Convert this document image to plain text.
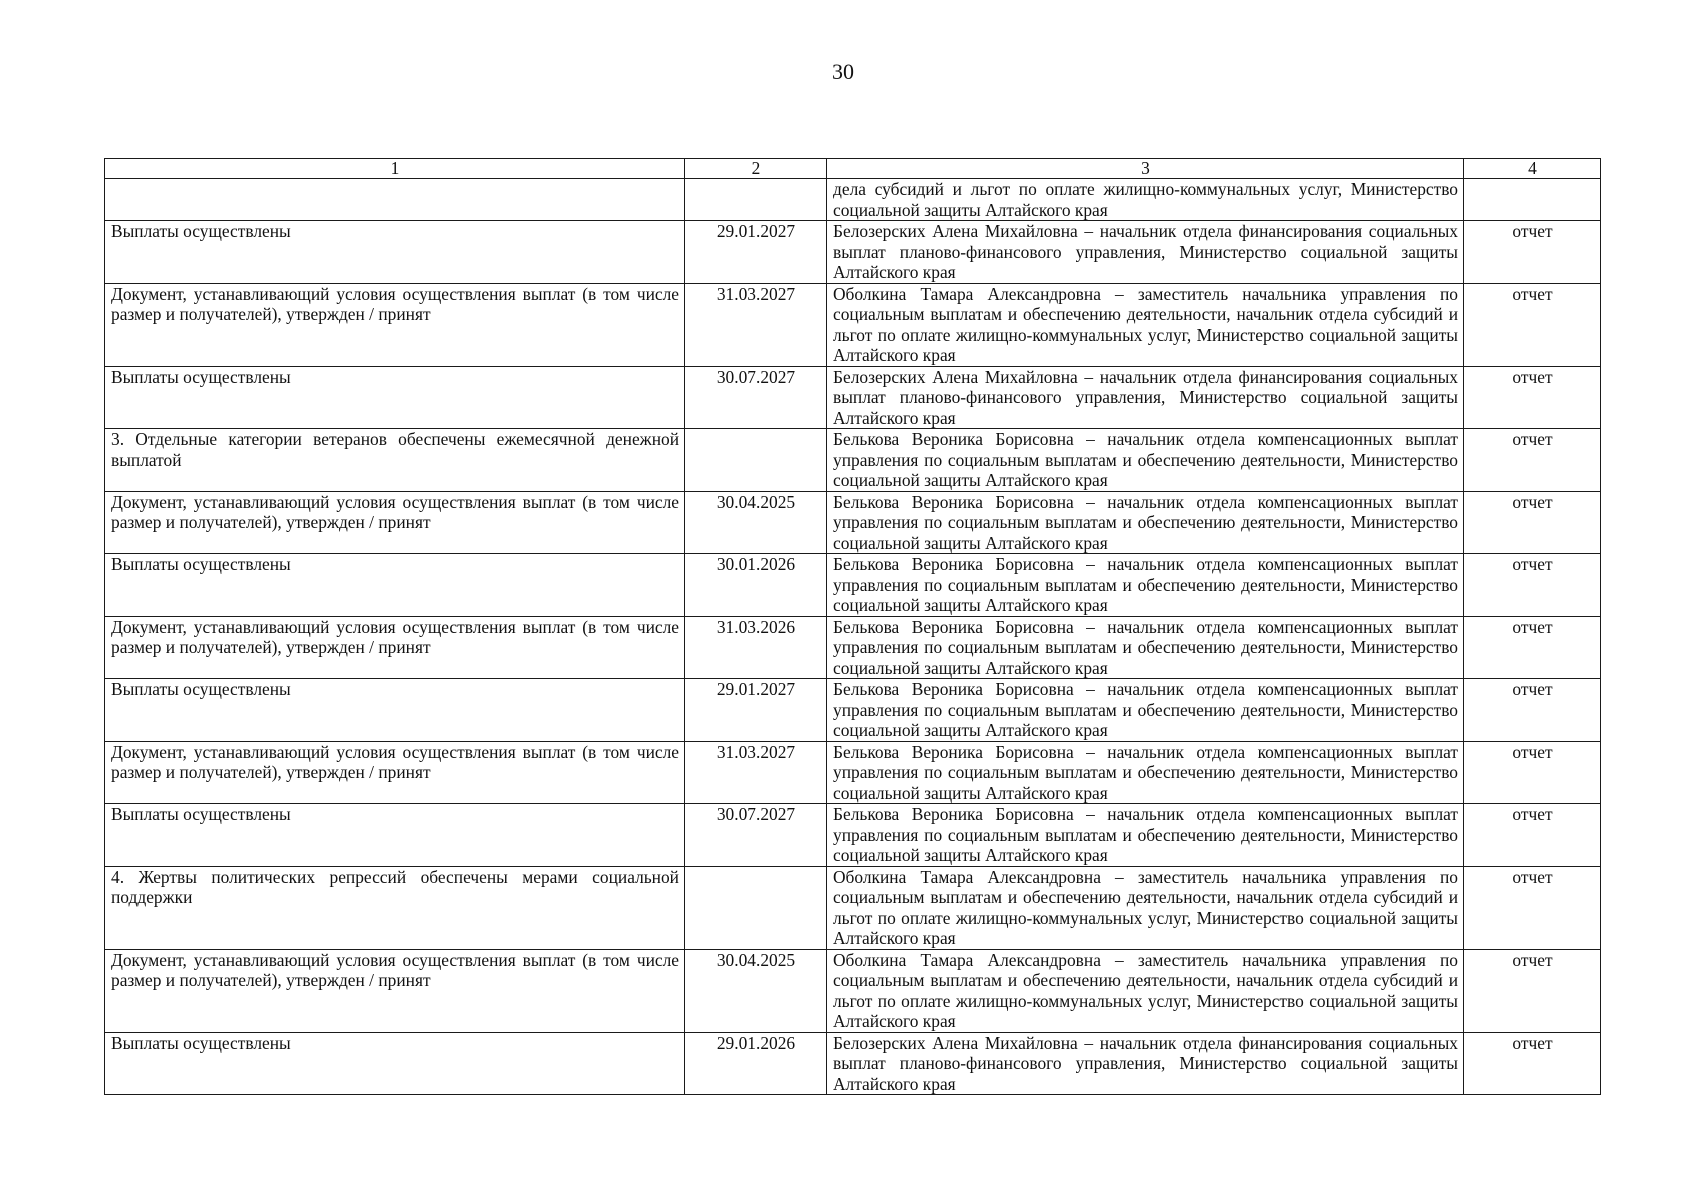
30
1	2	3	4
		дела субсидий и льгот по оплате жилищно-коммунальных услуг, Министерство социальной защиты Алтайского края	
Выплаты осуществлены	29.01.2027	Белозерских Алена Михайловна – начальник отдела финансирования социальных выплат планово-финансового управления, Министерство социальной защиты Алтайского края	отчет
Документ, устанавливающий условия осуществления выплат (в том числе размер и получателей), утвержден / принят	31.03.2027	Оболкина Тамара Александровна – заместитель начальника управления по социальным выплатам и обеспечению деятельности, начальник отдела субсидий и льгот по оплате жилищно-коммунальных услуг, Министерство социальной защиты Алтайского края	отчет
Выплаты осуществлены	30.07.2027	Белозерских Алена Михайловна – начальник отдела финансирования социальных выплат планово-финансового управления, Министерство социальной защиты Алтайского края	отчет
3. Отдельные категории ветеранов обеспечены ежемесячной денежной выплатой		Белькова Вероника Борисовна – начальник отдела компенсационных выплат управления по социальным выплатам и обеспечению деятельности, Министерство социальной защиты Алтайского края	отчет
Документ, устанавливающий условия осуществления выплат (в том числе размер и получателей), утвержден / принят	30.04.2025	Белькова Вероника Борисовна – начальник отдела компенсационных выплат управления по социальным выплатам и обеспечению деятельности, Министерство социальной защиты Алтайского края	отчет
Выплаты осуществлены	30.01.2026	Белькова Вероника Борисовна – начальник отдела компенсационных выплат управления по социальным выплатам и обеспечению деятельности, Министерство социальной защиты Алтайского края	отчет
Документ, устанавливающий условия осуществления выплат (в том числе размер и получателей), утвержден / принят	31.03.2026	Белькова Вероника Борисовна – начальник отдела компенсационных выплат управления по социальным выплатам и обеспечению деятельности, Министерство социальной защиты Алтайского края	отчет
Выплаты осуществлены	29.01.2027	Белькова Вероника Борисовна – начальник отдела компенсационных выплат управления по социальным выплатам и обеспечению деятельности, Министерство социальной защиты Алтайского края	отчет
Документ, устанавливающий условия осуществления выплат (в том числе размер и получателей), утвержден / принят	31.03.2027	Белькова Вероника Борисовна – начальник отдела компенсационных выплат управления по социальным выплатам и обеспечению деятельности, Министерство социальной защиты Алтайского края	отчет
Выплаты осуществлены	30.07.2027	Белькова Вероника Борисовна – начальник отдела компенсационных выплат управления по социальным выплатам и обеспечению деятельности, Министерство социальной защиты Алтайского края	отчет
4. Жертвы политических репрессий обеспечены мерами социальной поддержки		Оболкина Тамара Александровна – заместитель начальника управления по социальным выплатам и обеспечению деятельности, начальник отдела субсидий и льгот по оплате жилищно-коммунальных услуг, Министерство социальной защиты Алтайского края	отчет
Документ, устанавливающий условия осуществления выплат (в том числе размер и получателей), утвержден / принят	30.04.2025	Оболкина Тамара Александровна – заместитель начальника управления по социальным выплатам и обеспечению деятельности, начальник отдела субсидий и льгот по оплате жилищно-коммунальных услуг, Министерство социальной защиты Алтайского края	отчет
Выплаты осуществлены	29.01.2026	Белозерских Алена Михайловна – начальник отдела финансирования социальных выплат планово-финансового управления, Министерство социальной защиты Алтайского края	отчет
